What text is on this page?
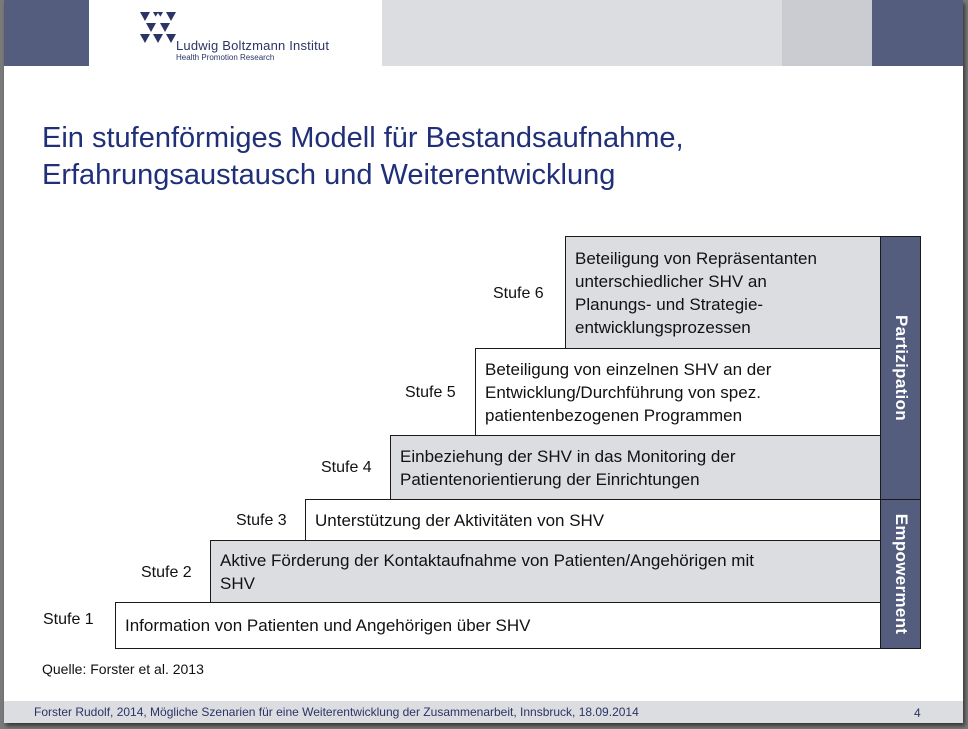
Ludwig Boltzmann Institut
Health Promotion Research
Ein stufenförmiges Modell für Bestandsaufnahme,
Erfahrungsaustausch und Weiterentwicklung
Stufe 6
Beteiligung von Repräsentanten
unterschiedlicher SHV an
Planungs- und Strategie-
entwicklungsprozessen
Stufe 5
Beteiligung von einzelnen SHV an der
Entwicklung/Durchführung von spez.
patientenbezogenen Programmen
Stufe 4
Einbeziehung der SHV in das Monitoring der
Patientenorientierung der Einrichtungen
Stufe 3 Unterstützung der Aktivitäten von SHV
Stufe 2
Aktive Förderung der Kontaktaufnahme von Patienten/Angehörigen mit
SHV
Stufe 1 Information von Patienten und Angehörigen über SHV
Partizipation
Empowerment
Quelle: Forster et al. 2013
Forster Rudolf, 2014, Mögliche Szenarien für eine Weiterentwicklung der Zusammenarbeit, Innsbruck, 18.09.2014	4
